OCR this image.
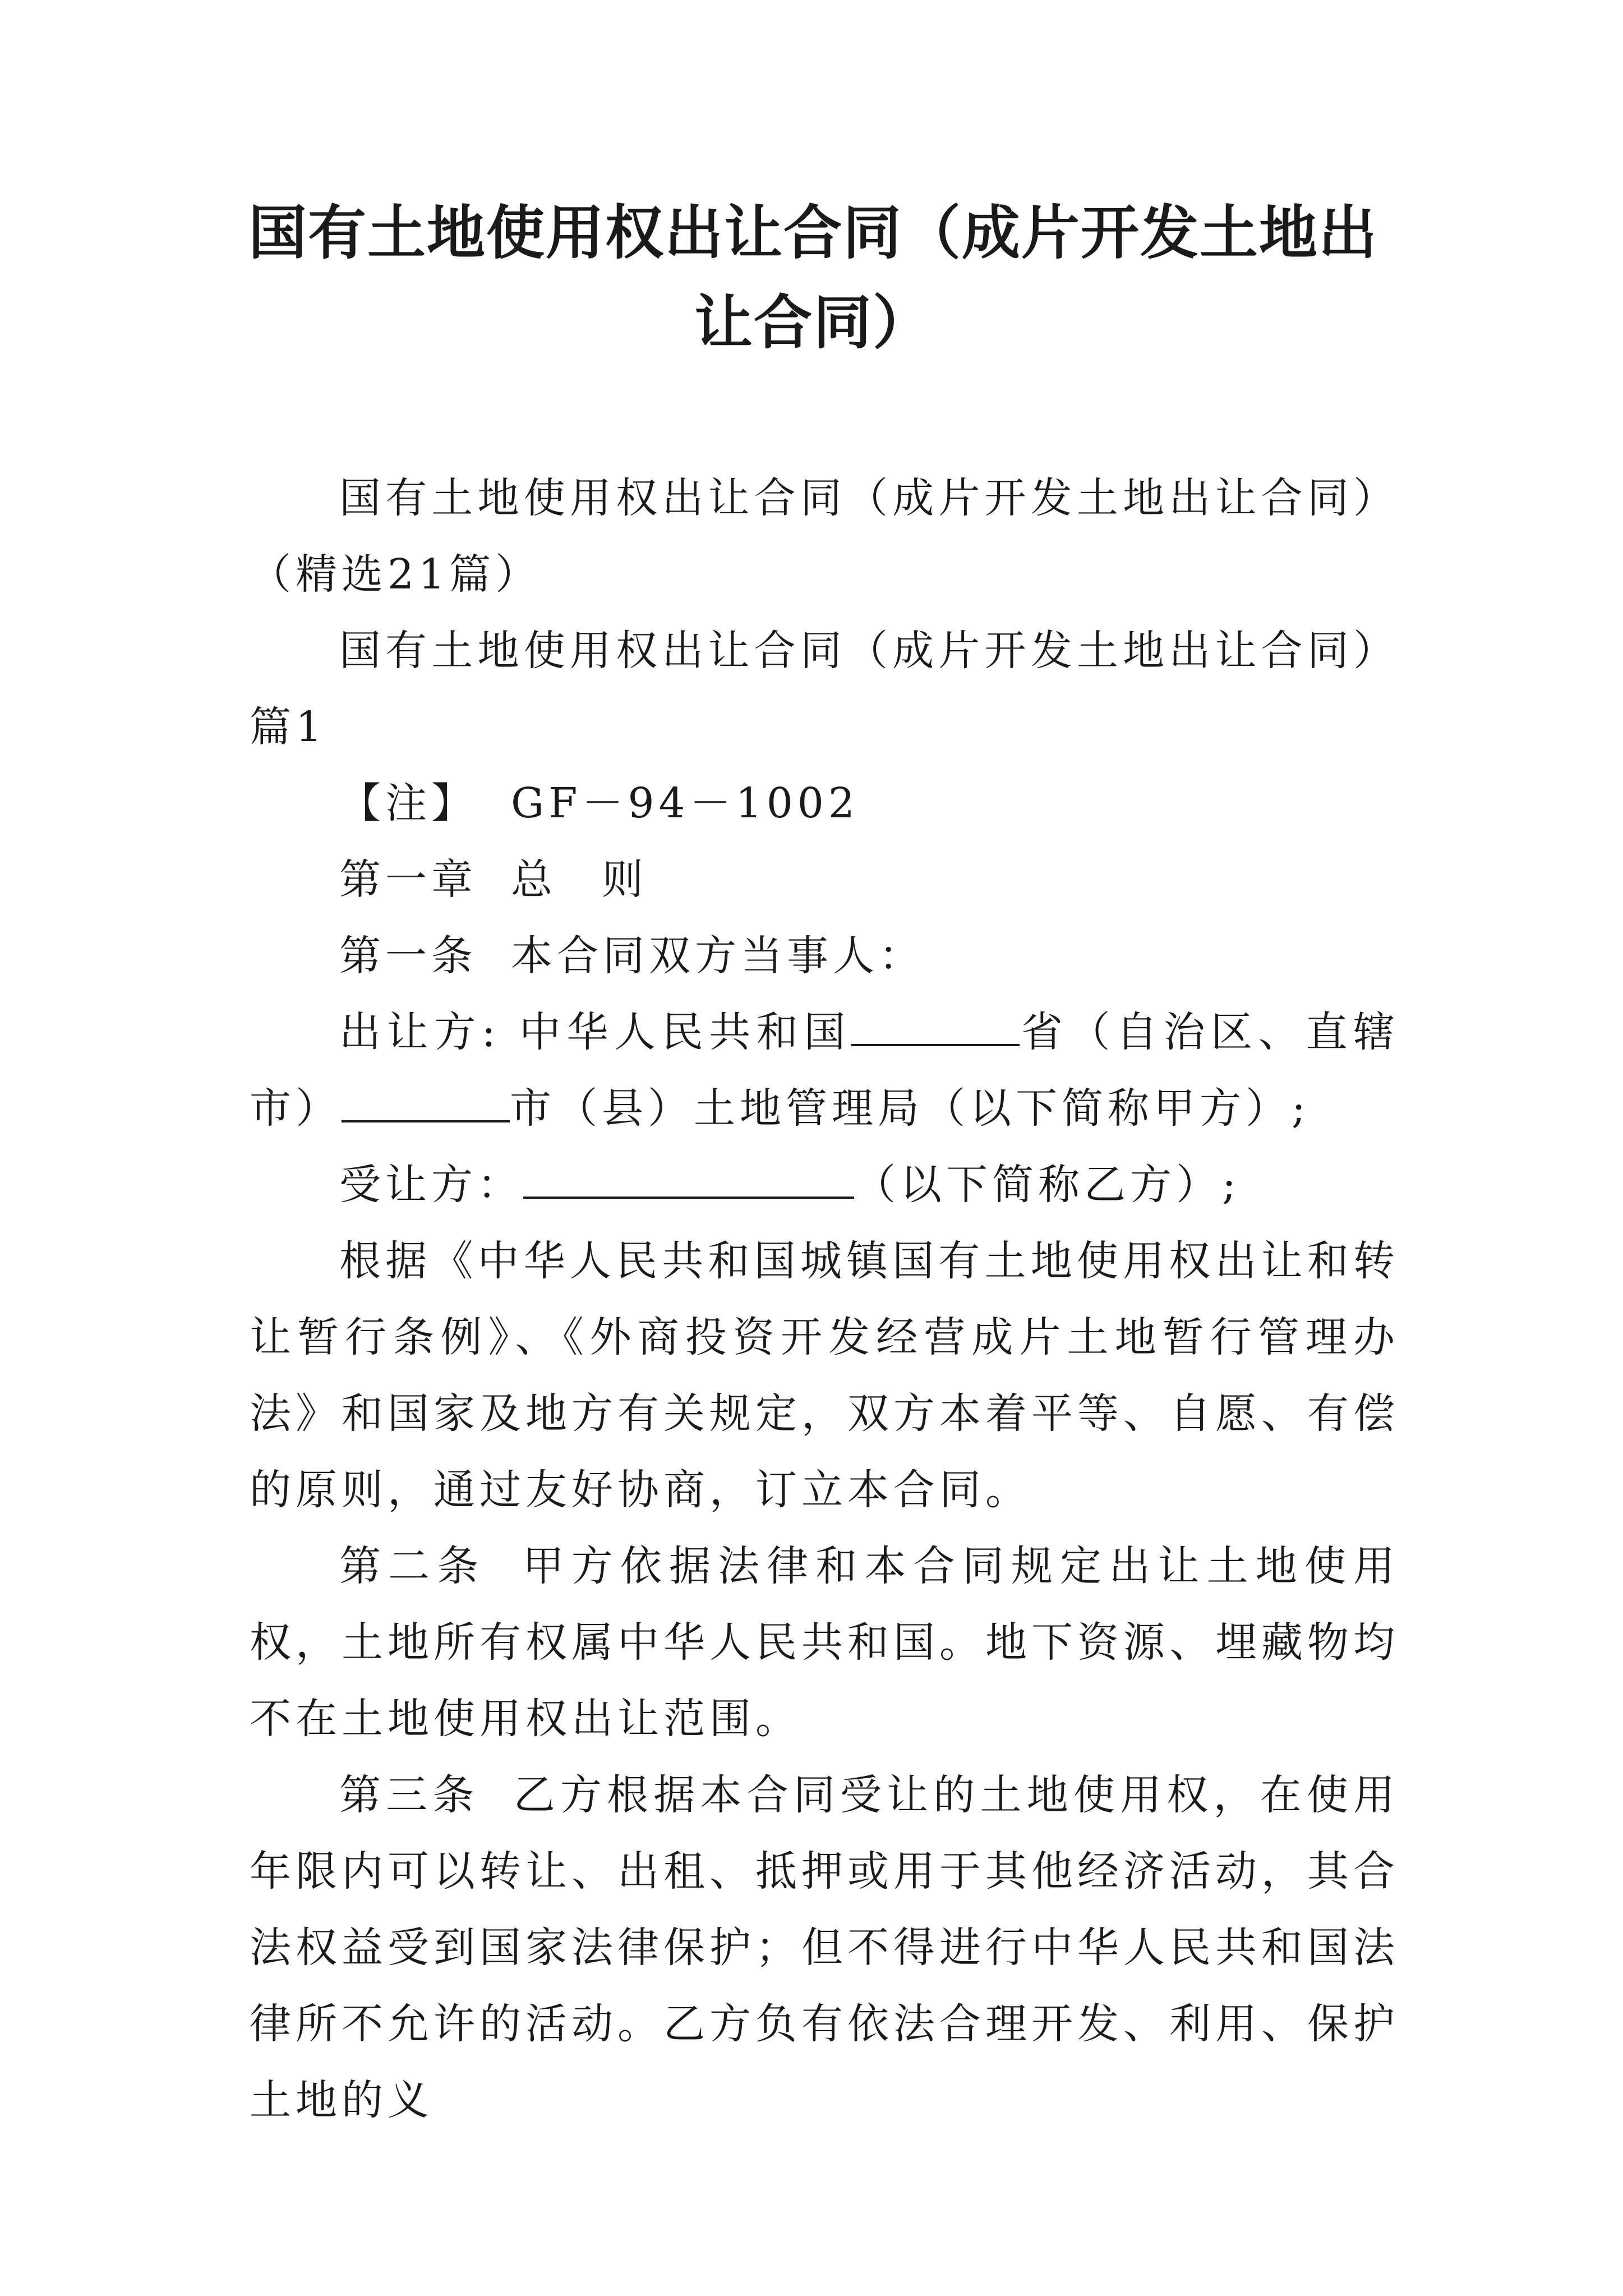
国有土地使用权出让合同（成片开发土地出让合同）

国有土地使用权出让合同（成片开发土地出让合同）（精选21篇）

国有土地使用权出让合同（成片开发土地出让合同）篇1

【注】 GF－94－1002

第一章 总 则

第一条 本合同双方当事人：

出让方: 中华人民共和国	省（自治区、直辖市）	市（县）土地管理局（以下简称甲方）;

受让方：	（以下简称乙方）;

根据《中华人民共和国城镇国有土地使用权出让和转让暂行条例》、《外商投资开发经营成片土地暂行管理办法》和国家及地方有关规定，双方本着平等、自愿、有偿的原则，通过友好协商，订立本合同。

第二条 甲方依据法律和本合同规定出让土地使用权，土地所有权属中华人民共和国。地下资源、埋藏物均不在土地使用权出让范围。

第三条 乙方根据本合同受让的土地使用权，在使用年限内可以转让、出租、抵押或用于其他经济活动，其合法权益受到国家法律保护；但不得进行中华人民共和国法律所不允许的活动。乙方负有依法合理开发、利用、保护土地的义
